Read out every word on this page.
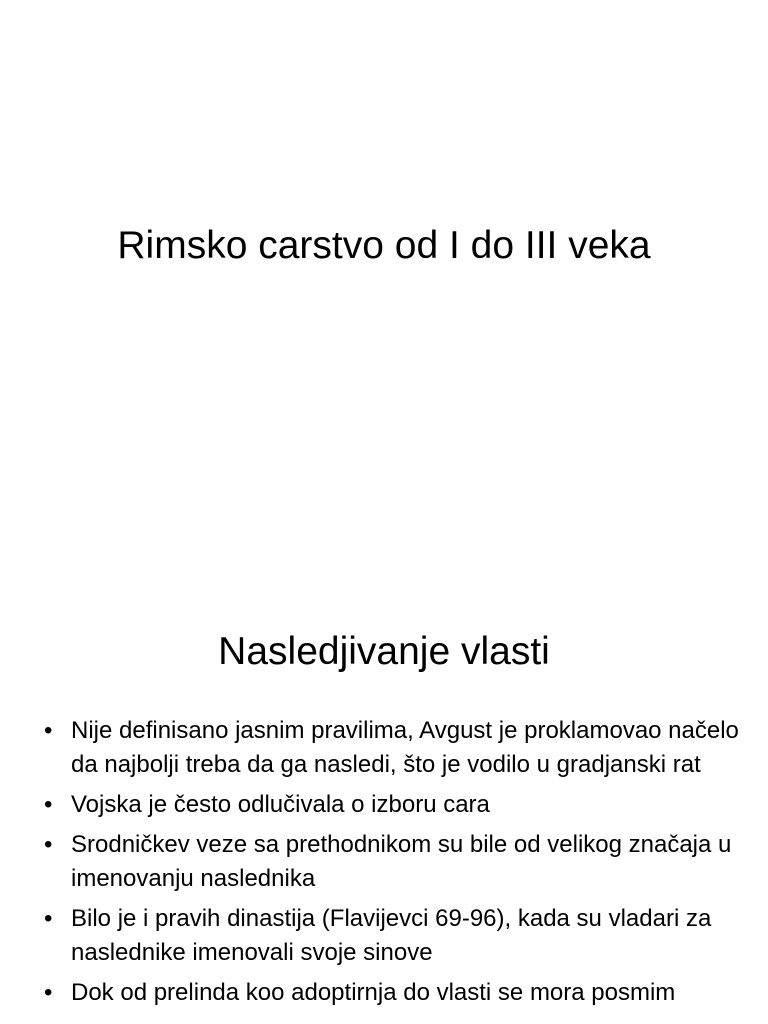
Rimsko carstvo od I do III veka
Nasledjivanje vlasti
• Nije definisano jasnim pravilima, Avgust je proklamovao načelo da najbolji treba da ga nasledi, što je vodilo u gradjanski rat
• Vojska je često odlučivala o izboru cara
• Srodničkev veze sa prethodnikom su bile od velikog značaja u imenovanju naslednika
• Bilo je i pravih dinastija (Flavijevci 69-96), kada su vladari za naslednike imenovali svoje sinove
• Dok od prelinda koo adoptirnja do vlasti se mora posmim
